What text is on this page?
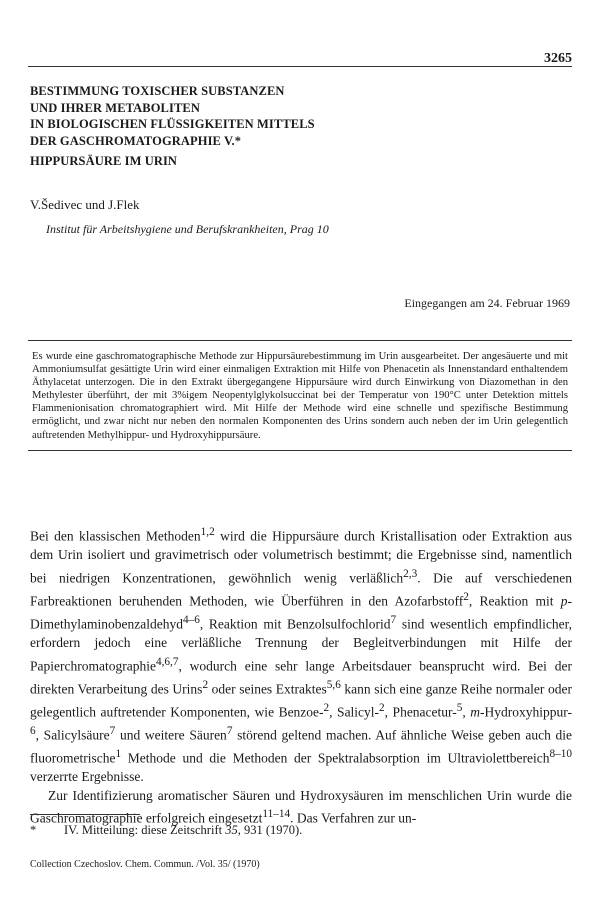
3265
BESTIMMUNG TOXISCHER SUBSTANZEN
UND IHRER METABOLITEN
IN BIOLOGISCHEN FLÜSSIGKEITEN MITTELS
DER GASCHROMATOGRAPHIE V.*
HIPPURSÄURE IM URIN
V.Šedivec und J.Flek
Institut für Arbeitshygiene und Berufskrankheiten, Prag 10
Eingegangen am 24. Februar 1969
Es wurde eine gaschromatographische Methode zur Hippursäurebestimmung im Urin ausgearbeitet. Der angesäuerte und mit Ammoniumsulfat gesättigte Urin wird einer einmaligen Extraktion mit Hilfe von Phenacetin als Innenstandard enthaltendem Äthylacetat unterzogen. Die in den Extrakt übergegangene Hippursäure wird durch Einwirkung von Diazomethan in den Methylester überführt, der mit 3%igem Neopentylglykolsuccinat bei der Temperatur von 190°C unter Detektion mittels Flammenionisation chromatographiert wird. Mit Hilfe der Methode wird eine schnelle und spezifische Bestimmung ermöglicht, und zwar nicht nur neben den normalen Komponenten des Urins sondern auch neben der im Urin gelegentlich auftretenden Methylhippur- und Hydroxyhippursäure.

Bei den klassischen Methoden$^{1,2}$ wird die Hippursäure durch Kristallisation oder Extraktion aus dem Urin isoliert und gravimetrisch oder volumetrisch bestimmt; die Ergebnisse sind, namentlich bei niedrigen Konzentrationen, gewöhnlich wenig verläßlich$^{2,3}$. Die auf verschiedenen Farbreaktionen beruhenden Methoden, wie Überführen in den Azofarbstoff$^2$, Reaktion mit p-Dimethylaminobenzaldehyd$^{4-6}$, Reaktion mit Benzolsulfochlorid$^7$ sind wesentlich empfindlicher, erfordern jedoch eine verläßliche Trennung der Begleitverbindungen mit Hilfe der Papierchromatographie$^{4,6,7}$, wodurch eine sehr lange Arbeitsdauer beansprucht wird. Bei der direkten Verarbeitung des Urins$^2$ oder seines Extraktes$^{5,6}$ kann sich eine ganze Reihe normaler oder gelegentlich auftretender Komponenten, wie Benzoe-$^2$, Salicyl-$^2$, Phenacetur-$^5$, m-Hydroxyhippur-$^6$, Salicylsäure$^7$ und weitere Säuren$^7$ störend geltend machen. Auf ähnliche Weise geben auch die fluorometrische$^1$ Methode und die Methoden der Spektralabsorption im Ultraviolettbereich$^{8-10}$ verzerrte Ergebnisse.

Zur Identifizierung aromatischer Säuren und Hydroxysäuren im menschlichen Urin wurde die Gaschromatographie erfolgreich eingesetzt$^{11-14}$. Das Verfahren zur un-

* IV. Mitteilung: diese Zeitschrift 35, 931 (1970).
Collection Czechoslov. Chem. Commun. /Vol. 35/ (1970)
